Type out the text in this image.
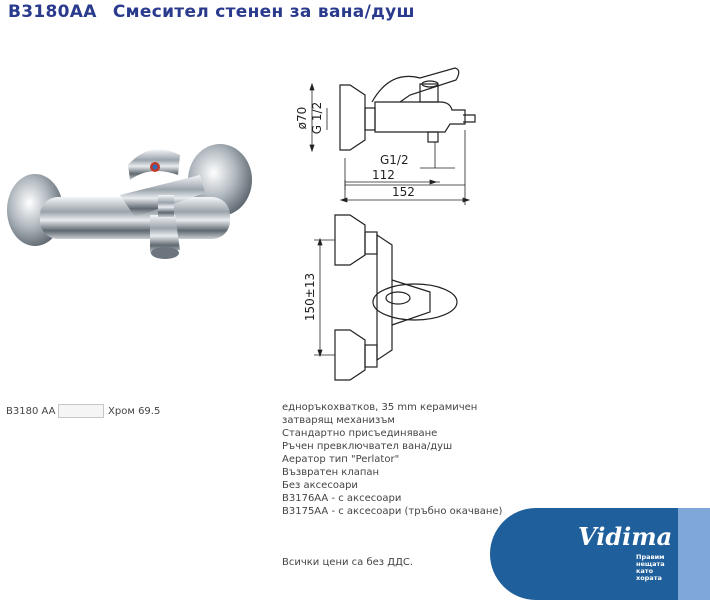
B3180AA Смесител стенен за вана/душ
ø70 G 1/2
G1/2
112
152
150±13
B3180 AA	Хром
69.5	едноръкохватков, 35 mm керамичен
затварящ механизъм
Стандартно присъединяване
Ръчен превключвател вана/душ
Аератор тип "Perlator"
Възвратен клапан
Без аксесоари
B3176AA - с аксесоари
B3175AA - с аксесоари (тръбно окачване)
Всички цени са без ДДС.
Vidima
Правим
нещата
като
хората
